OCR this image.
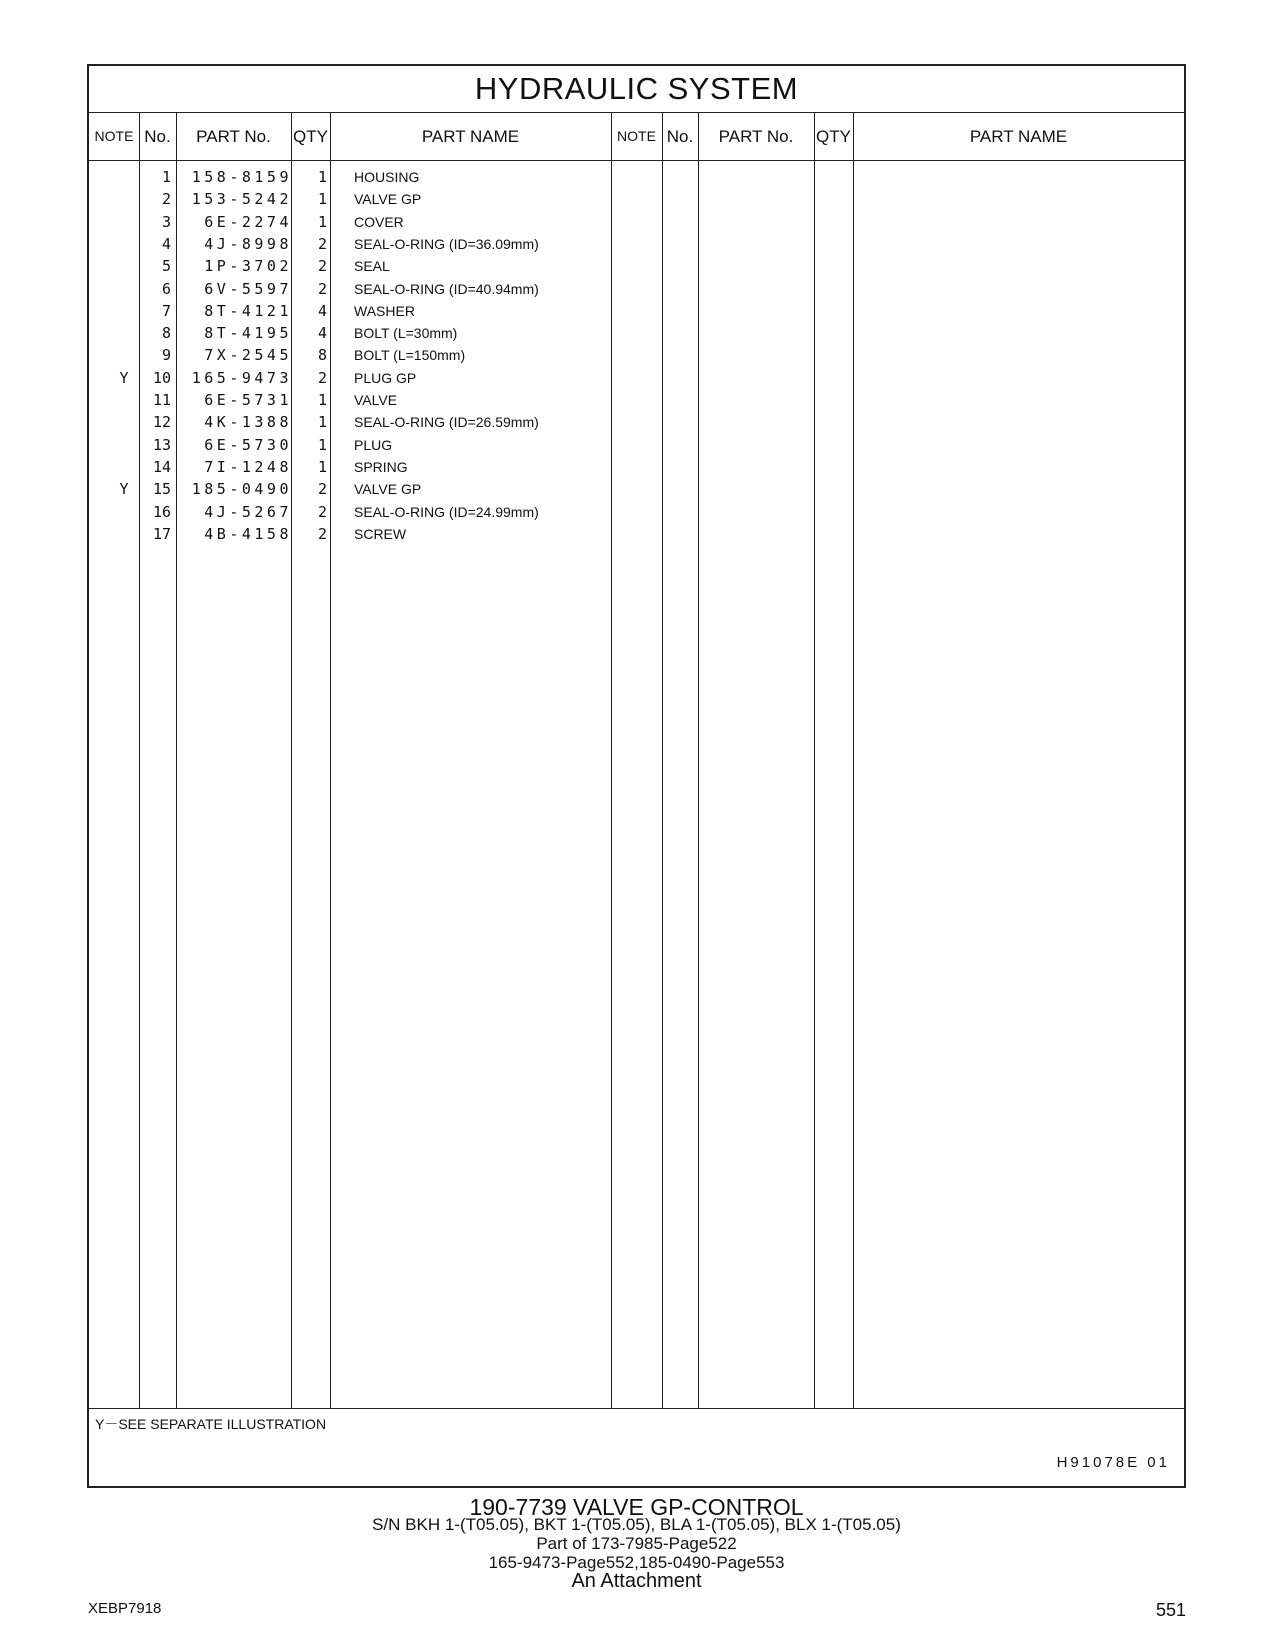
HYDRAULIC SYSTEM
NOTE No.	PART No.	QTY	PART NAME	NOTE No.	PART No.	QTY	PART NAME
1	158-8159	1 HOUSING
2	153-5242	1 VALVE GP
3	6E-2274	1 COVER
4	4J-8998	2 SEAL-O-RING (ID=36.09mm)
5	1P-3702	2 SEAL
6	6V-5597	2 SEAL-O-RING (ID=40.94mm)
7	8T-4121	4 WASHER
8	8T-4195	4 BOLT (L=30mm)
9	7X-2545	8 BOLT (L=150mm)
Y	10	165-9473	2 PLUG GP
11	6E-5731	1 VALVE
12	4K-1388	1 SEAL-O-RING (ID=26.59mm)
13	6E-5730	1 PLUG
14	7I-1248	1 SPRING
Y	15	185-0490	2 VALVE GP
16	4J-5267	2 SEAL-O-RING (ID=24.99mm)
17	4B-4158	2 SCREW
Y－SEE SEPARATE ILLUSTRATION
H91078E 01
190-7739 VALVE GP-CONTROL
S/N BKH 1-(T05.05), BKT 1-(T05.05), BLA 1-(T05.05), BLX 1-(T05.05)
Part of 173-7985-Page522
165-9473-Page552,185-0490-Page553
An Attachment
XEBP7918	551
